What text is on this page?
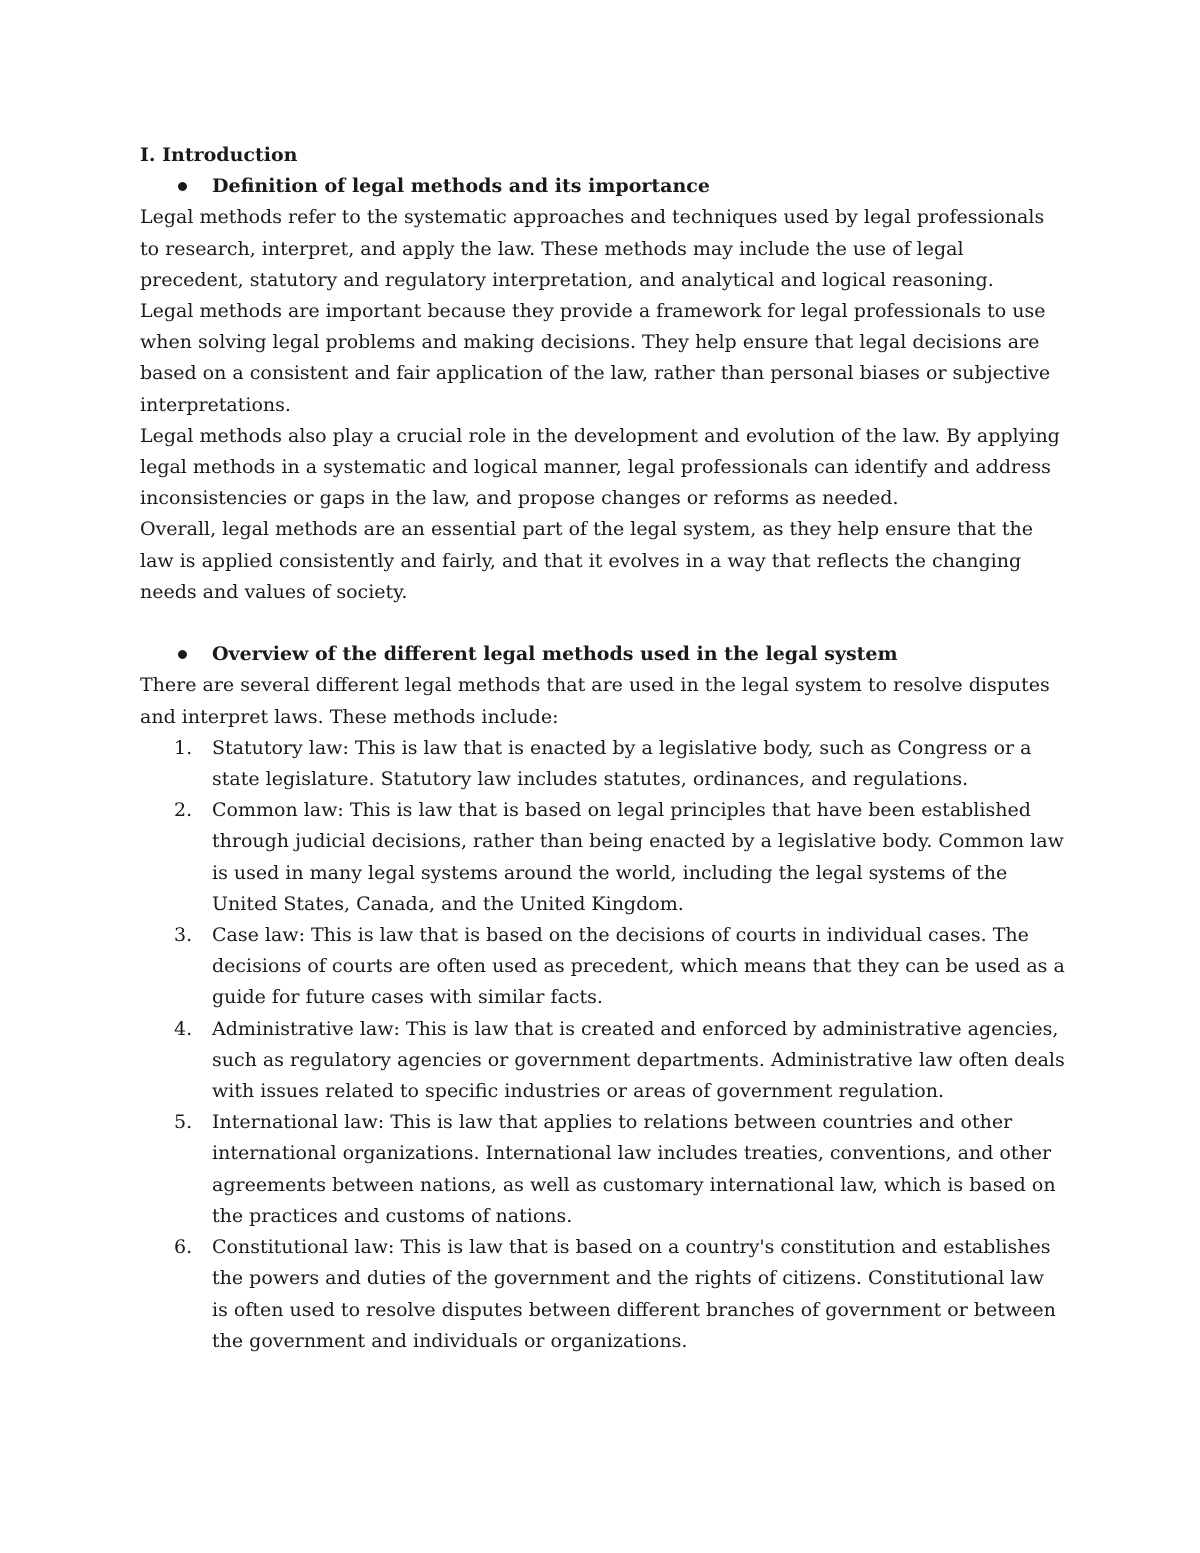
I. Introduction

Definition of legal methods and its importance

Legal methods refer to the systematic approaches and techniques used by legal professionals to research, interpret, and apply the law. These methods may include the use of legal precedent, statutory and regulatory interpretation, and analytical and logical reasoning.

Legal methods are important because they provide a framework for legal professionals to use when solving legal problems and making decisions. They help ensure that legal decisions are based on a consistent and fair application of the law, rather than personal biases or subjective interpretations.

Legal methods also play a crucial role in the development and evolution of the law. By applying legal methods in a systematic and logical manner, legal professionals can identify and address inconsistencies or gaps in the law, and propose changes or reforms as needed.

Overall, legal methods are an essential part of the legal system, as they help ensure that the law is applied consistently and fairly, and that it evolves in a way that reflects the changing needs and values of society.

Overview of the different legal methods used in the legal system

There are several different legal methods that are used in the legal system to resolve disputes and interpret laws. These methods include:

1. Statutory law: This is law that is enacted by a legislative body, such as Congress or a state legislature. Statutory law includes statutes, ordinances, and regulations.
2. Common law: This is law that is based on legal principles that have been established through judicial decisions, rather than being enacted by a legislative body. Common law is used in many legal systems around the world, including the legal systems of the United States, Canada, and the United Kingdom.
3. Case law: This is law that is based on the decisions of courts in individual cases. The decisions of courts are often used as precedent, which means that they can be used as a guide for future cases with similar facts.
4. Administrative law: This is law that is created and enforced by administrative agencies, such as regulatory agencies or government departments. Administrative law often deals with issues related to specific industries or areas of government regulation.
5. International law: This is law that applies to relations between countries and other international organizations. International law includes treaties, conventions, and other agreements between nations, as well as customary international law, which is based on the practices and customs of nations.
6. Constitutional law: This is law that is based on a country's constitution and establishes the powers and duties of the government and the rights of citizens. Constitutional law is often used to resolve disputes between different branches of government or between the government and individuals or organizations.
